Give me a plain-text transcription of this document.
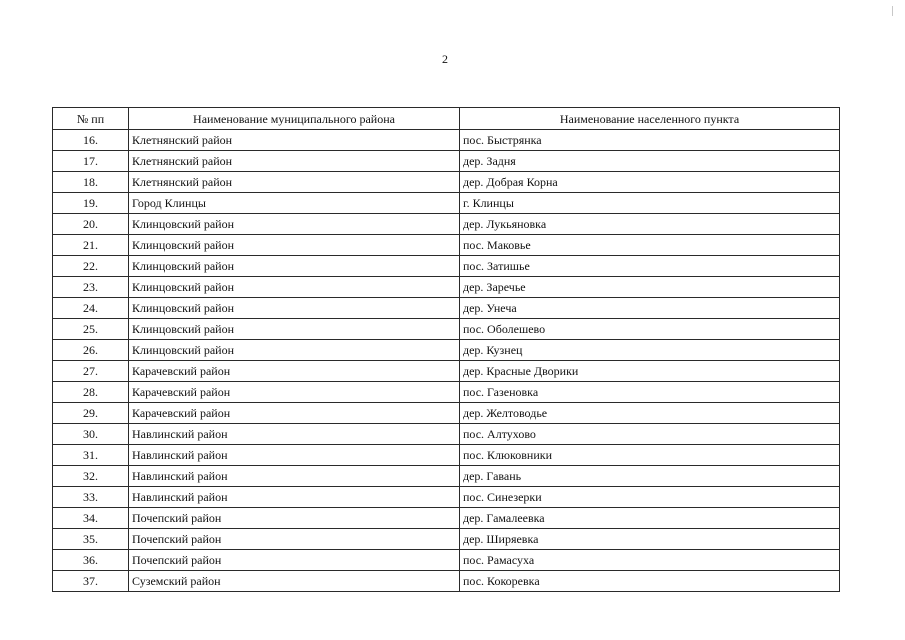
2
№ пп	Наименование муниципального района	Наименование населенного пункта
16.	Клетнянский район	пос. Быстрянка
17.	Клетнянский район	дер. Задня
18.	Клетнянский район	дер. Добрая Корна
19.	Город Клинцы	г. Клинцы
20.	Клинцовский район	дер. Лукьяновка
21.	Клинцовский район	пос. Маковье
22.	Клинцовский район	пос. Затишье
23.	Клинцовский район	дер. Заречье
24.	Клинцовский район	дер. Унеча
25.	Клинцовский район	пос. Оболешево
26.	Клинцовский район	дер. Кузнец
27.	Карачевский район	дер. Красные Дворики
28.	Карачевский район	пос. Газеновка
29.	Карачевский район	дер. Желтоводье
30.	Навлинский район	пос. Алтухово
31.	Навлинский район	пос. Клюковники
32.	Навлинский район	дер. Гавань
33.	Навлинский район	пос. Синезерки
34.	Почепский район	дер. Гамалеевка
35.	Почепский район	дер. Ширяевка
36.	Почепский район	пос. Рамасуха
37.	Суземский район	пос. Кокоревка
